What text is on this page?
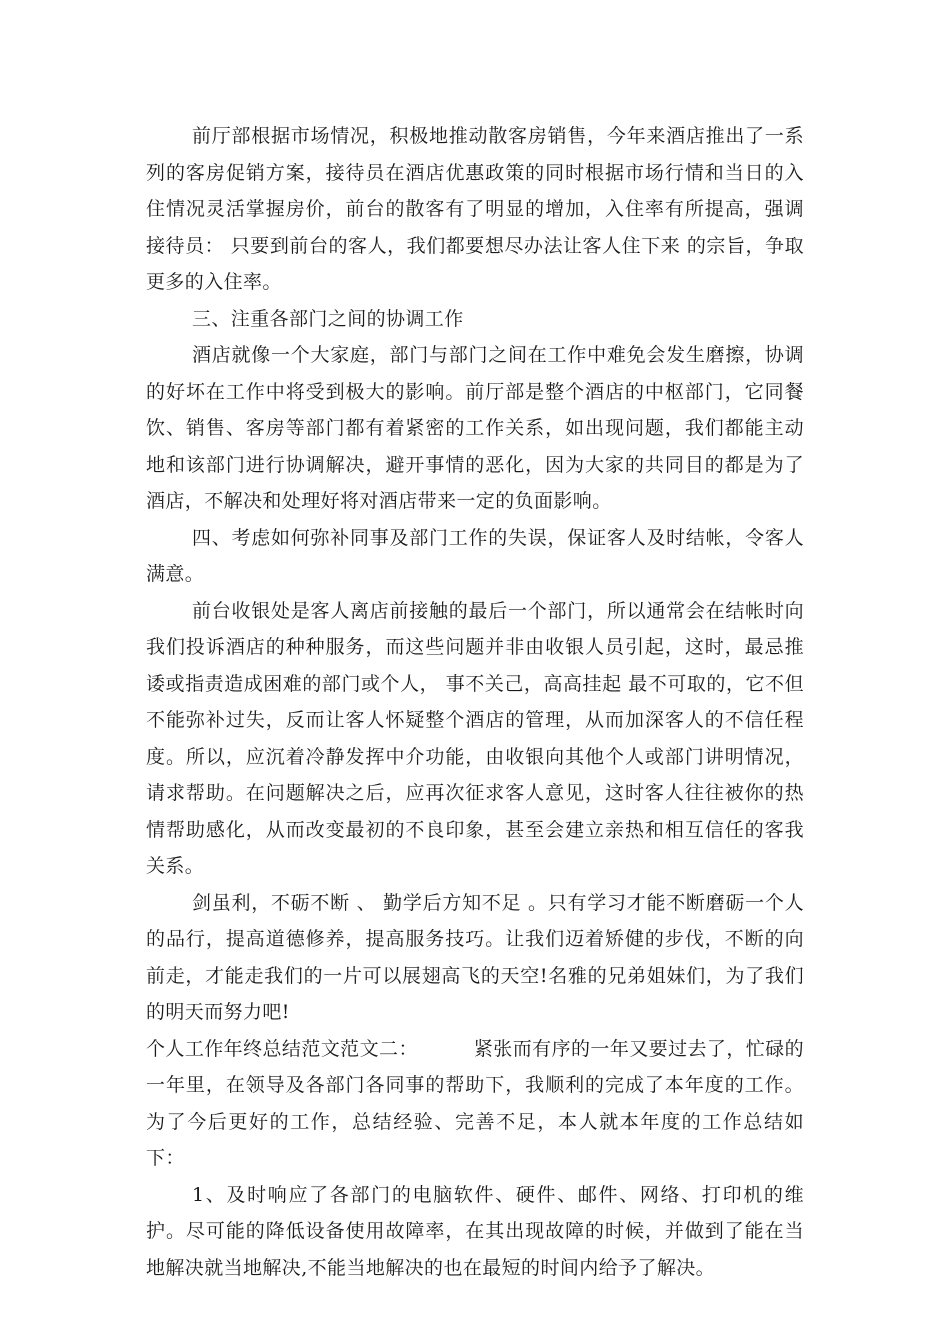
前厅部根据市场情况，积极地推动散客房销售，今年来酒店推出了一系列的客房促销方案，接待员在酒店优惠政策的同时根据市场行情和当日的入住情况灵活掌握房价，前台的散客有了明显的增加，入住率有所提高，强调接待员： 只要到前台的客人，我们都要想尽办法让客人住下来 的宗旨，争取更多的入住率。

三、注重各部门之间的协调工作

酒店就像一个大家庭，部门与部门之间在工作中难免会发生磨擦，协调的好坏在工作中将受到极大的影响。前厅部是整个酒店的中枢部门，它同餐饮、销售、客房等部门都有着紧密的工作关系，如出现问题，我们都能主动地和该部门进行协调解决，避开事情的恶化，因为大家的共同目的都是为了酒店，不解决和处理好将对酒店带来一定的负面影响。

四、考虑如何弥补同事及部门工作的失误，保证客人及时结帐，令客人满意。

前台收银处是客人离店前接触的最后一个部门，所以通常会在结帐时向我们投诉酒店的种种服务，而这些问题并非由收银人员引起，这时，最忌推诿或指责造成困难的部门或个人， 事不关己，高高挂起 最不可取的，它不但不能弥补过失，反而让客人怀疑整个酒店的管理，从而加深客人的不信任程度。所以，应沉着冷静发挥中介功能，由收银向其他个人或部门讲明情况，请求帮助。在问题解决之后，应再次征求客人意见，这时客人往往被你的热情帮助感化，从而改变最初的不良印象，甚至会建立亲热和相互信任的客我关系。

剑虽利，不砺不断 、 勤学后方知不足 。只有学习才能不断磨砺一个人的品行，提高道德修养，提高服务技巧。让我们迈着矫健的步伐，不断的向前走，才能走我们的一片可以展翅高飞的天空!名雅的兄弟姐妹们，为了我们的明天而努力吧!

个人工作年终总结范文范文二：	紧张而有序的一年又要过去了，忙碌的一年里，在领导及各部门各同事的帮助下，我顺利的完成了本年度的工作。为了今后更好的工作，总结经验、完善不足，本人就本年度的工作总结如下：

1、及时响应了各部门的电脑软件、硬件、邮件、网络、打印机的维护。尽可能的降低设备使用故障率，在其出现故障的时候，并做到了能在当地解决就当地解决,不能当地解决的也在最短的时间内给予了解决。
